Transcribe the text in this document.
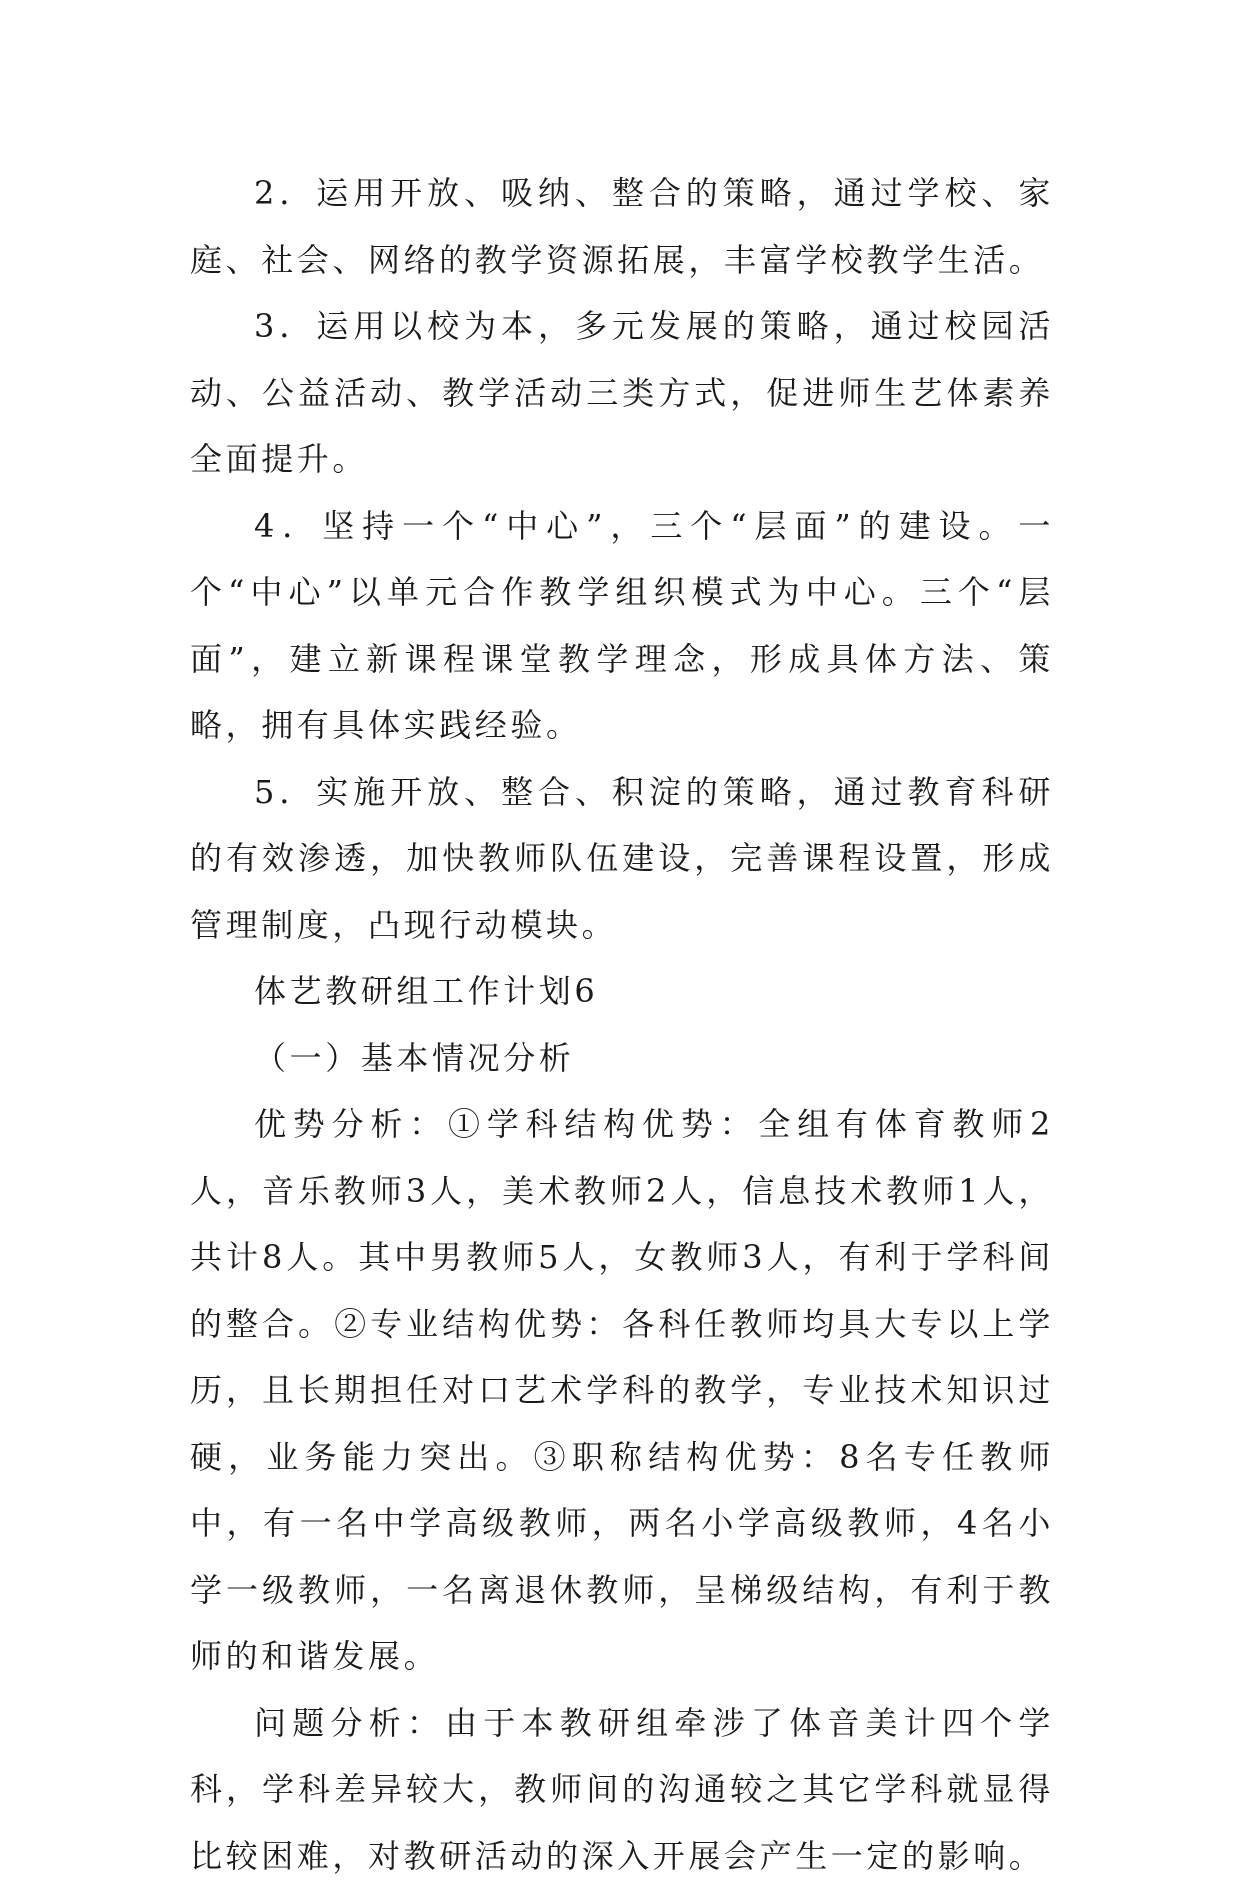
2．运用开放、吸纳、整合的策略，通过学校、家庭、社会、网络的教学资源拓展，丰富学校教学生活。

3．运用以校为本，多元发展的策略，通过校园活动、公益活动、教学活动三类方式，促进师生艺体素养全面提升。

4．坚持一个“中心”，三个“层面”的建设。一个“中心”以单元合作教学组织模式为中心。三个“层面”，建立新课程课堂教学理念，形成具体方法、策略，拥有具体实践经验。

5．实施开放、整合、积淀的策略，通过教育科研的有效渗透，加快教师队伍建设，完善课程设置，形成管理制度，凸现行动模块。

体艺教研组工作计划6

（一）基本情况分析

优势分析：①学科结构优势：全组有体育教师2人，音乐教师3人，美术教师2人，信息技术教师1人，共计8人。其中男教师5人，女教师3人，有利于学科间的整合。②专业结构优势：各科任教师均具大专以上学历，且长期担任对口艺术学科的教学，专业技术知识过硬，业务能力突出。③职称结构优势：8名专任教师中，有一名中学高级教师，两名小学高级教师，4名小学一级教师，一名离退休教师，呈梯级结构，有利于教师的和谐发展。

问题分析：由于本教研组牵涉了体音美计四个学科，学科差异较大，教师间的沟通较之其它学科就显得比较困难，对教研活动的深入开展会产生一定的影响。
